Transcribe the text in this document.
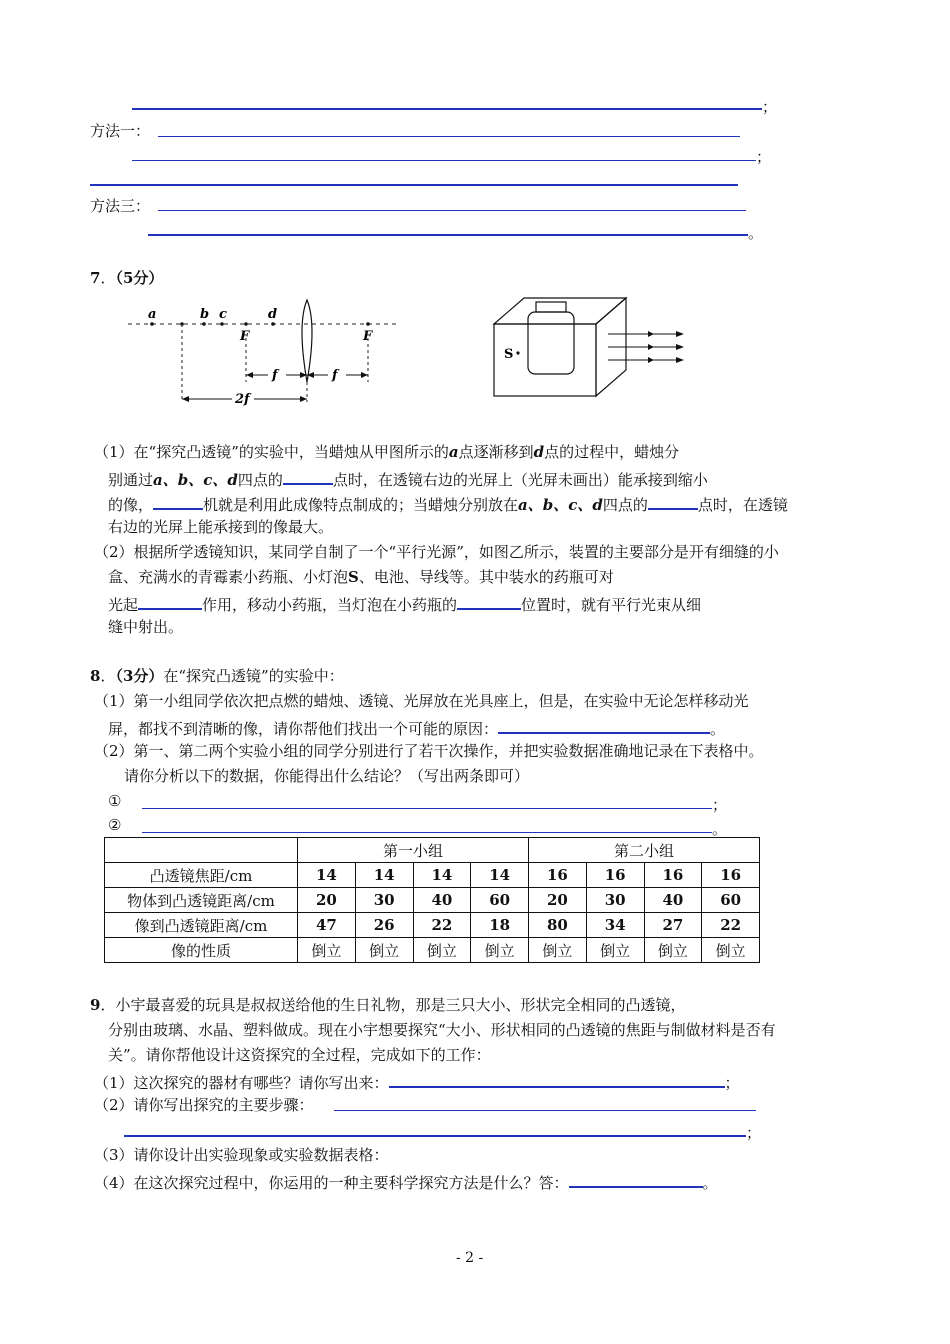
；
方法一：
；
方法三：
。
7．（5分）
a	b c	d
F	F
f	f
2f
S
（1）在“探究凸透镜”的实验中，当蜡烛从甲图所示的a点逐渐移到d点的过程中，蜡烛分
别通过a、b、c、d四点的	点时，在透镜右边的光屏上（光屏未画出）能承接到缩小
的像，	机就是利用此成像特点制成的；当蜡烛分别放在a、b、c、d四点的	点时，在透镜
右边的光屏上能承接到的像最大。
（2）根据所学透镜知识，某同学自制了一个“平行光源”，如图乙所示，装置的主要部分是开有细缝的小
盒、充满水的青霉素小药瓶、小灯泡S、电池、导线等。其中装水的药瓶可对
光起	作用，移动小药瓶，当灯泡在小药瓶的	位置时，就有平行光束从细
缝中射出。
8．（3分）在“探究凸透镜”的实验中：
（1）第一小组同学依次把点燃的蜡烛、透镜、光屏放在光具座上，但是，在实验中无论怎样移动光
屏，都找不到清晰的像，请你帮他们找出一个可能的原因：	。
（2）第一、第二两个实验小组的同学分别进行了若干次操作，并把实验数据准确地记录在下表格中。
请你分析以下的数据，你能得出什么结论？（写出两条即可）
①	；
②	。
	第一小组				第二小组			
凸透镜焦距/cm	14	14	14	14	16	16	16	16
物体到凸透镜距离/cm	20	30	40	60	20	30	40	60
像到凸透镜距离/cm	47	26	22	18	80	34	27	22
像的性质	倒立	倒立	倒立	倒立	倒立	倒立	倒立	倒立
9．小宇最喜爱的玩具是叔叔送给他的生日礼物，那是三只大小、形状完全相同的凸透镜，
分别由玻璃、水晶、塑料做成。现在小宇想要探究“大小、形状相同的凸透镜的焦距与制做材料是否有
关”。请你帮他设计这资探究的全过程，完成如下的工作：
（1）这次探究的器材有哪些？请你写出来：	；
（2）请你写出探究的主要步骤：
；
（3）请你设计出实验现象或实验数据表格：
（4）在这次探究过程中，你运用的一种主要科学探究方法是什么？答：	。
- 2 -
